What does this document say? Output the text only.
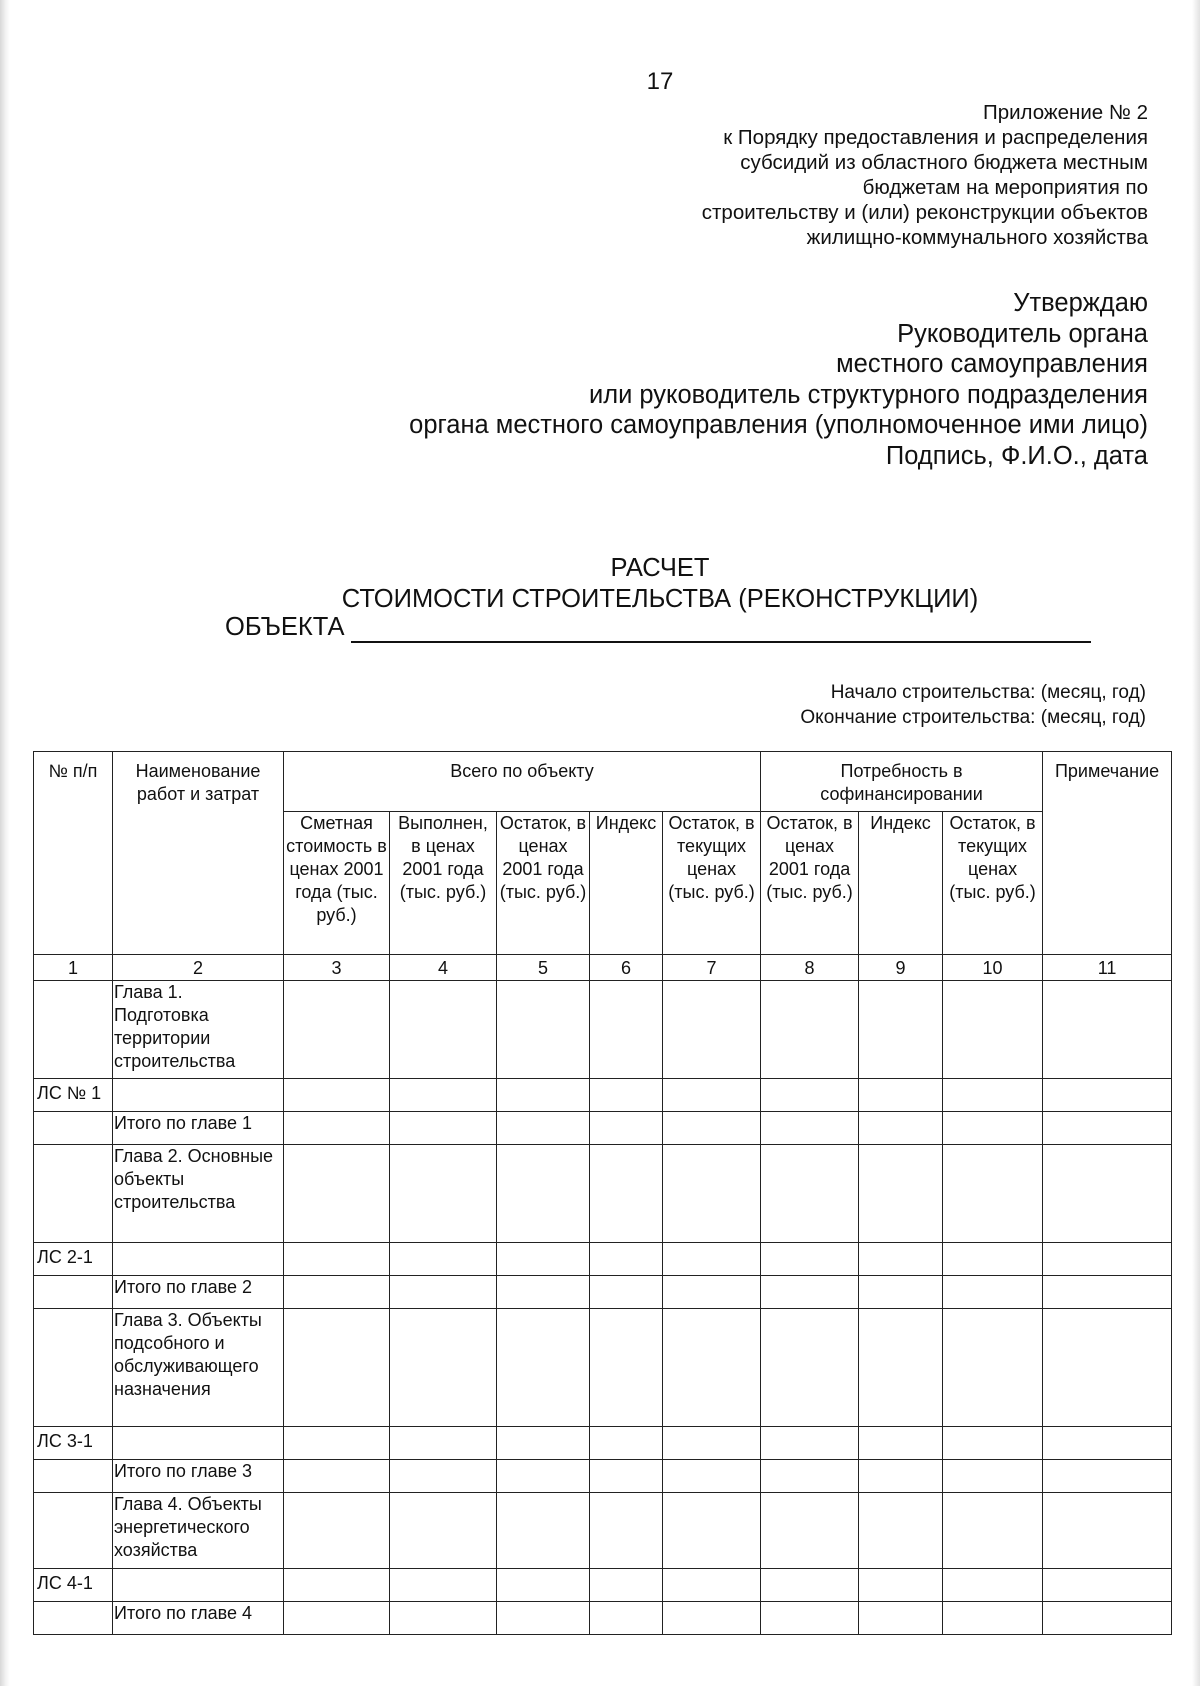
17
Приложение № 2
к Порядку предоставления и распределения
субсидий из областного бюджета местным
бюджетам на мероприятия по
строительству и (или) реконструкции объектов
жилищно-коммунального хозяйства
Утверждаю
Руководитель органа
местного самоуправления
или руководитель структурного подразделения
органа местного самоуправления (уполномоченное ими лицо)
Подпись, Ф.И.О., дата
РАСЧЕТ
СТОИМОСТИ СТРОИТЕЛЬСТВА (РЕКОНСТРУКЦИИ)
ОБЪЕКТА
Начало строительства: (месяц, год)
Окончание строительства: (месяц, год)
№ п/п	Наименование работ и затрат	Всего по объекту					Потребность в софинансировании			Примечание
		Сметная стоимость в ценах 2001 года (тыс. руб.)	Выполнен, в ценах 2001 года (тыс. руб.)	Остаток, в ценах 2001 года (тыс. руб.)	Индекс	Остаток, в текущих ценах (тыс. руб.)	Остаток, в ценах 2001 года (тыс. руб.)	Индекс	Остаток, в текущих ценах (тыс. руб.)	
1	2	3	4	5	6	7	8	9	10	11
	Глава 1. Подготовка территории строительства									
ЛС № 1										
	Итого по главе 1									
	Глава 2. Основные объекты строительства									
ЛС 2-1										
	Итого по главе 2									
	Глава 3. Объекты подсобного и обслуживающего назначения									
ЛС 3-1										
	Итого по главе 3									
	Глава 4. Объекты энергетического хозяйства									
ЛС 4-1										
	Итого по главе 4									
